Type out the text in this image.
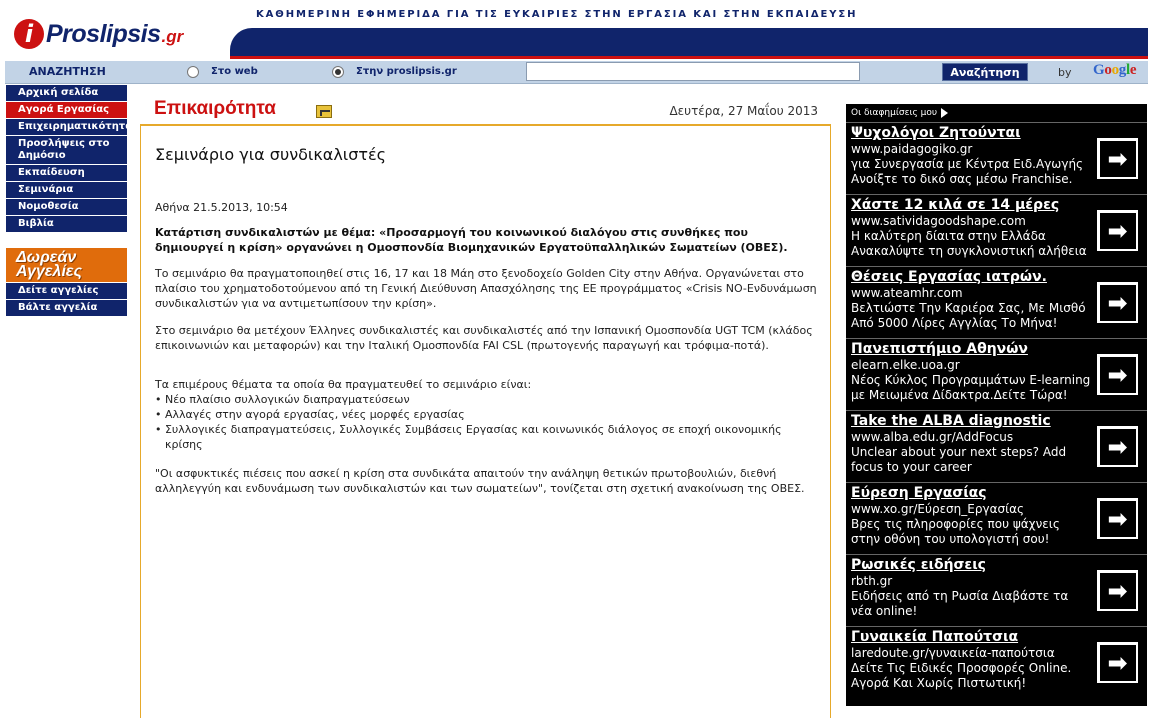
i Proslipsis .gr
ΚΑΘΗΜΕΡΙΝΗ ΕΦΗΜΕΡΙΔΑ ΓΙΑ ΤΙΣ ΕΥΚΑΙΡΙΕΣ ΣΤΗΝ ΕΡΓΑΣΙΑ ΚΑΙ ΣΤΗΝ ΕΚΠΑΙΔΕΥΣΗ
ΑΝΑΖΗΤΗΣΗ	Στο web	Στην proslipsis.gr	Αναζήτηση	by Google
Αρχική σελίδα
Αγορά Εργασίας
Επιχειρηματικότητα
Προσλήψεις στο Δημόσιο
Εκπαίδευση
Σεμινάρια
Νομοθεσία
Βιβλία
Δωρεάν Αγγελίες
Δείτε αγγελίες
Βάλτε αγγελία
Επικαιρότητα	Δευτέρα, 27 Μαΐου 2013
Σεμινάριο για συνδικαλιστές
Αθήνα 21.5.2013, 10:54

Κατάρτιση συνδικαλιστών με θέμα: «Προσαρμογή του κοινωνικού διαλόγου στις συνθήκες που δημιουργεί η κρίση» οργανώνει η Ομοσπονδία Βιομηχανικών Εργατοϋπαλληλικών Σωματείων (ΟΒΕΣ).

Το σεμινάριο θα πραγματοποιηθεί στις 16, 17 και 18 Μάη στο ξενοδοχείο Golden City στην Αθήνα. Οργανώνεται στο πλαίσιο του χρηματοδοτούμενου από τη Γενική Διεύθυνση Απασχόλησης της ΕΕ προγράμματος «Crisis NO-Ενδυνάμωση συνδικαλιστών για να αντιμετωπίσουν την κρίση».

Στο σεμινάριο θα μετέχουν Έλληνες συνδικαλιστές και συνδικαλιστές από την Ισπανική Ομοσπονδία UGT TCM (κλάδος επικοινωνιών και μεταφορών) και την Ιταλική Ομοσπονδία FAI CSL (πρωτογενής παραγωγή και τρόφιμα-ποτά).

Τα επιμέρους θέματα τα οποία θα πραγματευθεί το σεμινάριο είναι:
• Νέο πλαίσιο συλλογικών διαπραγματεύσεων
• Αλλαγές στην αγορά εργασίας, νέες μορφές εργασίας
• Συλλογικές διαπραγματεύσεις, Συλλογικές Συμβάσεις Εργασίας και κοινωνικός διάλογος σε εποχή οικονομικής κρίσης

"Οι ασφυκτικές πιέσεις που ασκεί η κρίση στα συνδικάτα απαιτούν την ανάληψη θετικών πρωτοβουλιών, διεθνή αλληλεγγύη και ενδυνάμωση των συνδικαλιστών και των σωματείων", τονίζεται στη σχετική ανακοίνωση της ΟΒΕΣ.

Οι διαφημίσεις μου
Ψυχολόγοι Ζητούνται
www.paidagogiko.gr
για Συνεργασία με Κέντρα Ειδ.Αγωγής Ανοίξτε το δικό σας μέσω Franchise.
➡
Χάστε 12 κιλά σε 14 μέρες
www.satividagoodshape.com
Η καλύτερη δίαιτα στην Ελλάδα Ανακαλύψτε τη συγκλονιστική αλήθεια
➡
Θέσεις Εργασίας ιατρών.
www.ateamhr.com
Βελτιώστε Την Καριέρα Σας, Με Μισθό Από 5000 Λίρες Αγγλίας Το Μήνα!
➡
Πανεπιστήμιο Αθηνών
elearn.elke.uoa.gr
Νέος Κύκλος Προγραμμάτων E-learning με Μειωμένα Δίδακτρα.Δείτε Τώρα!
➡
Take the ALBA diagnostic
www.alba.edu.gr/AddFocus
Unclear about your next steps? Add focus to your career
➡
Εύρεση Εργασίας
www.xo.gr/Εύρεση_Εργασίας
Βρες τις πληροφορίες που ψάχνεις στην οθόνη του υπολογιστή σου!
➡
Ρωσικές ειδήσεις
rbth.gr
Ειδήσεις από τη Ρωσία Διαβάστε τα νέα online!
➡
Γυναικεία Παπούτσια
laredoute.gr/γυναικεία-παπούτσια
Δείτε Τις Ειδικές Προσφορές Online. Αγορά Και Χωρίς Πιστωτική!
➡
